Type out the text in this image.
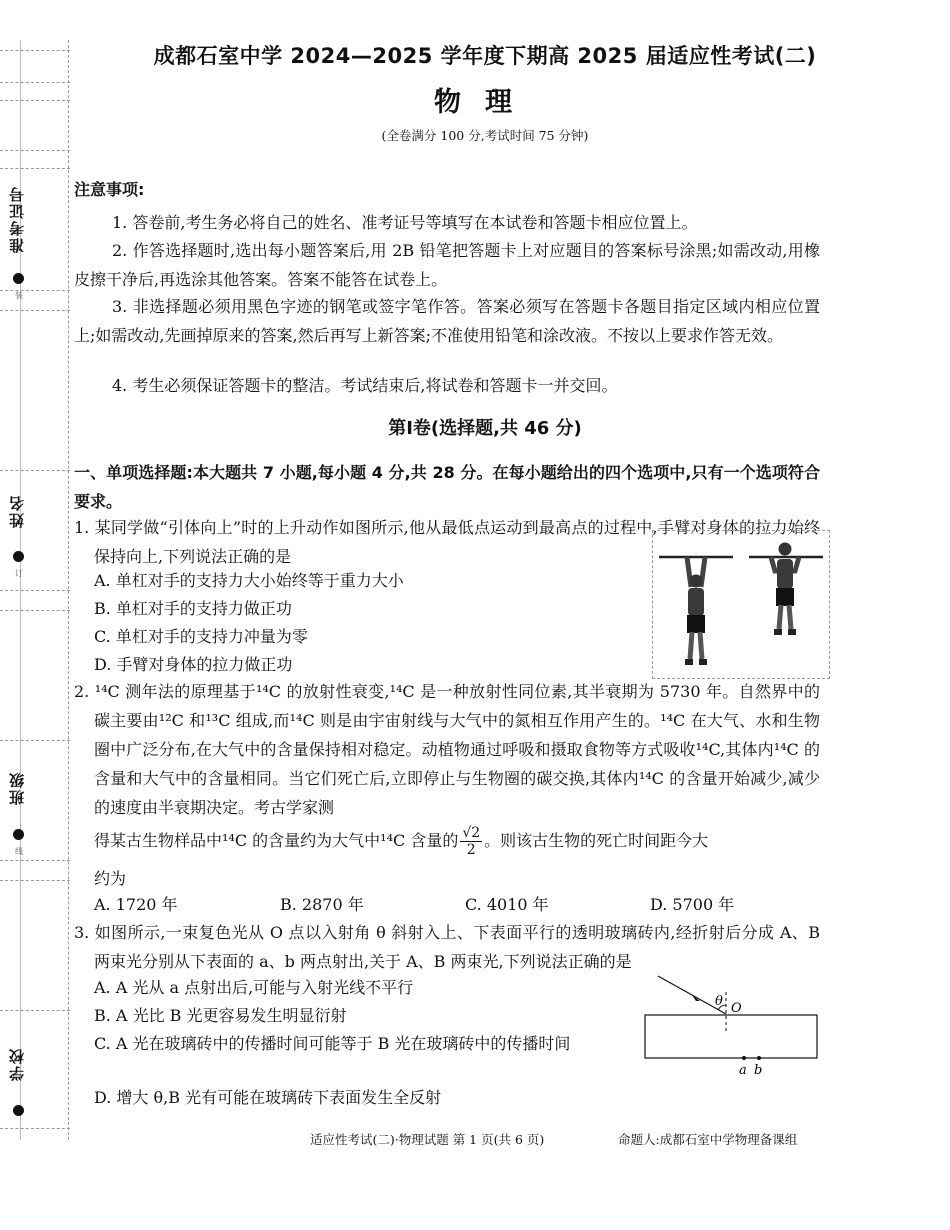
准考证号
装
姓名
订
班级
线
学校
成都石室中学 2024—2025 学年度下期高 2025 届适应性考试(二)
物理
(全卷满分 100 分,考试时间 75 分钟)
注意事项:
1. 答卷前,考生务必将自己的姓名、准考证号等填写在本试卷和答题卡相应位置上。
2. 作答选择题时,选出每小题答案后,用 2B 铅笔把答题卡上对应题目的答案标号涂黑;如需改动,用橡皮擦干净后,再选涂其他答案。答案不能答在试卷上。
3. 非选择题必须用黑色字迹的钢笔或签字笔作答。答案必须写在答题卡各题目指定区域内相应位置上;如需改动,先画掉原来的答案,然后再写上新答案;不准使用铅笔和涂改液。不按以上要求作答无效。
4. 考生必须保证答题卡的整洁。考试结束后,将试卷和答题卡一并交回。
第Ⅰ卷(选择题,共 46 分)
一、单项选择题:本大题共 7 小题,每小题 4 分,共 28 分。在每小题给出的四个选项中,只有一个选项符合要求。
1. 某同学做“引体向上”时的上升动作如图所示,他从最低点运动到最高点的过程中,手臂对身体的拉力始终保持向上,下列说法正确的是
A. 单杠对手的支持力大小始终等于重力大小
B. 单杠对手的支持力做正功
C. 单杠对手的支持力冲量为零
D. 手臂对身体的拉力做正功
2. ¹⁴C 测年法的原理基于¹⁴C 的放射性衰变,¹⁴C 是一种放射性同位素,其半衰期为 5730 年。自然界中的碳主要由¹²C 和¹³C 组成,而¹⁴C 则是由宇宙射线与大气中的氮相互作用产生的。¹⁴C 在大气、水和生物圈中广泛分布,在大气中的含量保持相对稳定。动植物通过呼吸和摄取食物等方式吸收¹⁴C,其体内¹⁴C 的含量和大气中的含量相同。当它们死亡后,立即停止与生物圈的碳交换,其体内¹⁴C 的含量开始减少,减少的速度由半衰期决定。考古学家测
得某古生物样品中¹⁴C 的含量约为大气中¹⁴C 含量的 $\frac{√2}{2}$ 。则该古生物的死亡时间距今大
约为
A. 1720 年	B. 2870 年	C. 4010 年	D. 5700 年
3. 如图所示,一束复色光从 O 点以入射角 θ 斜射入上、下表面平行的透明玻璃砖内,经折射后分成 A、B 两束光分别从下表面的 a、b 两点射出,关于 A、B 两束光,下列说法正确的是
A. A 光从 a 点射出后,可能与入射光线不平行
B. A 光比 B 光更容易发生明显衍射
C. A 光在玻璃砖中的传播时间可能等于 B 光在玻璃砖中的传播时间
D. 增大 θ,B 光有可能在玻璃砖下表面发生全反射
θ O
a b
适应性考试(二)·物理试题 第 1 页(共 6 页)	命题人:成都石室中学物理备课组
